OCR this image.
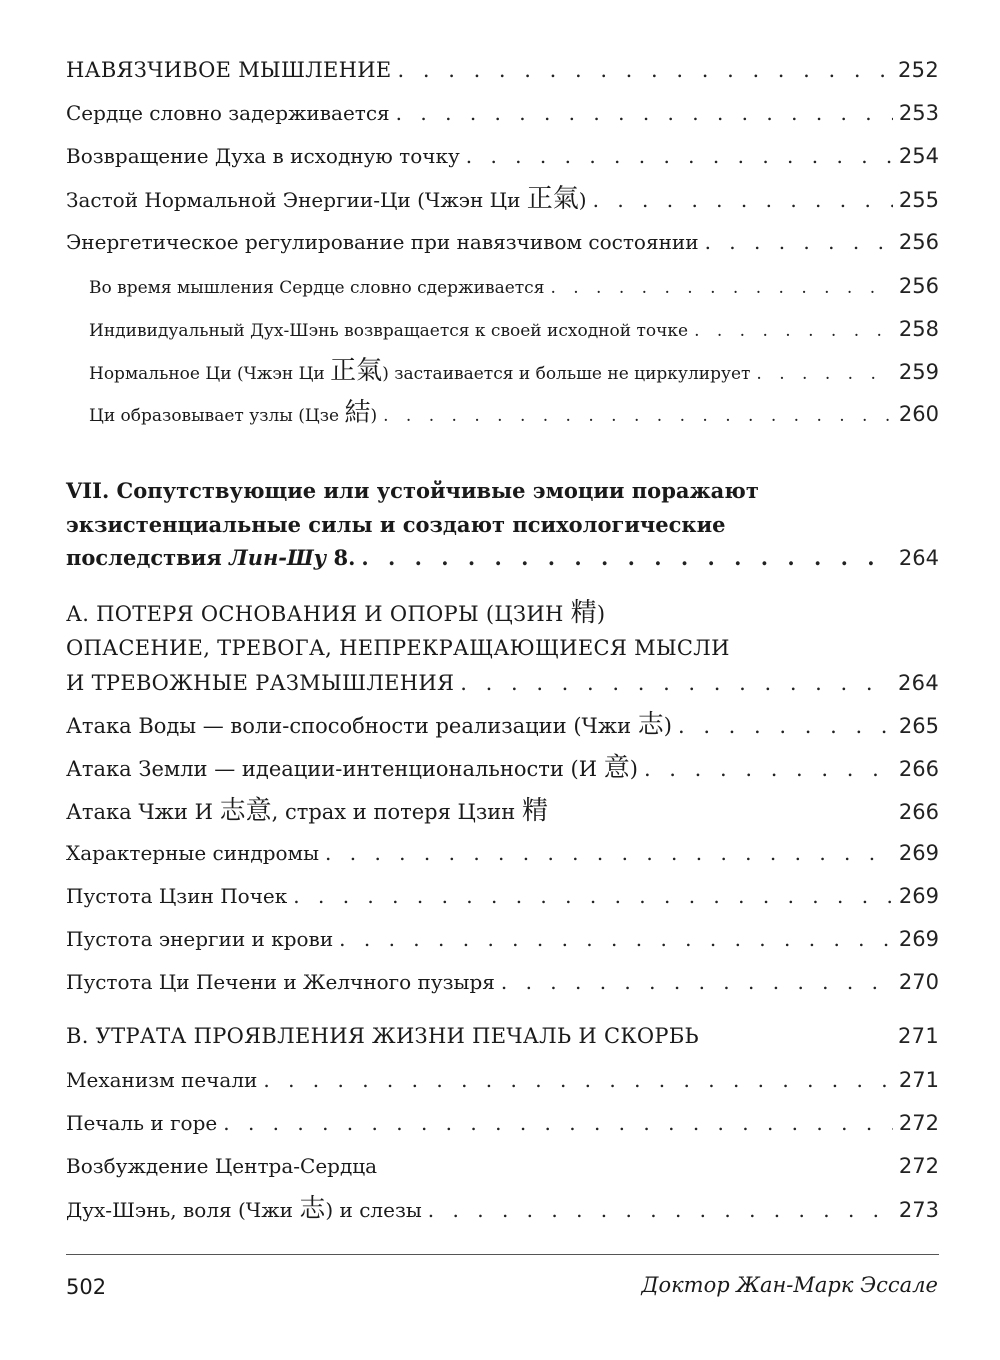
НАВЯЗЧИВОЕ МЫШЛЕНИЕ . . .	252
Сердце словно задерживается . . .	253
Возвращение Духа в исходную точку . . .	254
Застой Нормальной Энергии-Ци (Чжэн Ци 正氣) . . .	255
Энергетическое регулирование при навязчивом состоянии . . .	256
Во время мышления Сердце словно сдерживается . . .	256
Индивидуальный Дух-Шэнь возвращается к своей исходной точке . . .	258
Нормальное Ци (Чжэн Ци 正氣) застаивается и больше не циркулирует . . .	259
Ци образовывает узлы (Цзе 結) . . .	260
VII. Сопутствующие или устойчивые эмоции поражают
экзистенциальные силы и создают психологические
последствия Лин-Шу 8. . . .	264
А. ПОТЕРЯ ОСНОВАНИЯ И ОПОРЫ (ЦЗИН 精)
ОПАСЕНИЕ, ТРЕВОГА, НЕПРЕКРАЩАЮЩИЕСЯ МЫСЛИ
И ТРЕВОЖНЫЕ РАЗМЫШЛЕНИЯ . . .	264
Атака Воды — воли-способности реализации (Чжи 志) . . .	265
Атака Земли — идеации-интенциональности (И 意) . . .	266
Атака Чжи И 志意, страх и потеря Цзин 精	266
Характерные синдромы . . .	269
Пустота Цзин Почек . . .	269
Пустота энергии и крови . . .	269
Пустота Ци Печени и Желчного пузыря . . .	270
В. УТРАТА ПРОЯВЛЕНИЯ ЖИЗНИ ПЕЧАЛЬ И СКОРБЬ	271
Механизм печали . . .	271
Печаль и горе . . .	272
Возбуждение Центра-Сердца	272
Дух-Шэнь, воля (Чжи 志) и слезы . . .	273
502	Доктор Жан-Марк Эссале
